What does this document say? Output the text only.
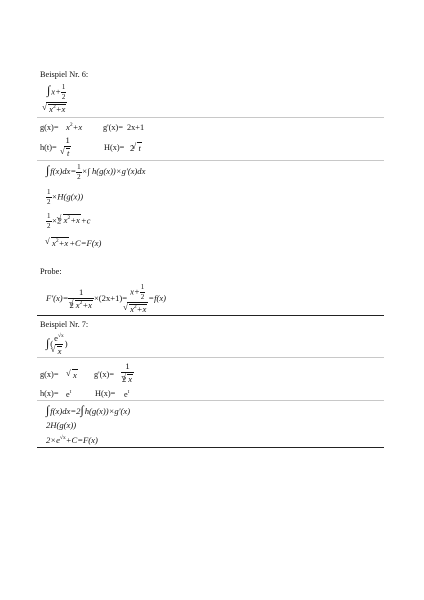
Beispiel Nr. 6:
$\int x+ \frac{1}{2}$
√ $x^2+x$
$g(x)= x^2+x$	g'(x)= 2x+1
h(t)= 1
√ t	H(x)= 2 √ t
$\int f(x)dx= \frac{1}{2}$ ×∫ h(g(x))×g'(x)dx
$\frac{1}{2} \times H(g(x))$
$\frac{1}{2} \times 2√$ $x^2+x+c$
√ $x^2+x+C=F(x)$
Probe:
$F'(x)= \frac{1}{2√ x^2+x} \times(2x+1)= x+ \frac{1}{2}$
√ $x^2+x =f(x)$
Beispiel Nr. 7:
∫( $e^{√x}$
√ x )
g(x)=
√ x $g'(x)= \frac{1}{2√ x}$
$h(x)= e^t$	$H(x)= e^t$
∫f(x)dx=2∫h(g(x))×g'(x)
2H(g(x))
$2\times e^{√x}+C=F(x)$
